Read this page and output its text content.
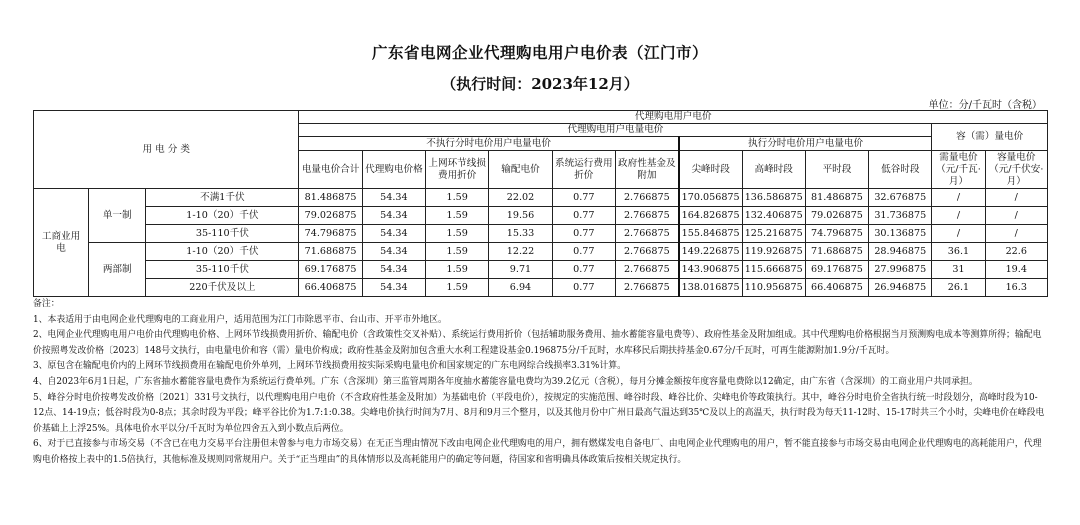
广东省电网企业代理购电用户电价表（江门市）
（执行时间：2023年12月）
单位：分/千瓦时（含税）
用 电 分 类			代理购电用户电价											
			代理购电用户电量电价										容（需）量电价	
			不执行分时电价用户电量电价						执行分时电价用户电量电价					
			电量电价合计	代理购电价格	上网环节线损费用折价	输配电价	系统运行费用折价	政府性基金及附加	尖峰时段	高峰时段	平时段	低谷时段	需量电价（元/千瓦·月）	容量电价（元/千伏安·月）
工商业用电	单一制	不满1千伏	81.486875	54.34	1.59	22.02	0.77	2.766875	170.056875	136.586875	81.486875	32.676875	/	/
		1-10（20）千伏	79.026875	54.34	1.59	19.56	0.77	2.766875	164.826875	132.406875	79.026875	31.736875	/	/
		35-110千伏	74.796875	54.34	1.59	15.33	0.77	2.766875	155.846875	125.216875	74.796875	30.136875	/	/
	两部制	1-10（20）千伏	71.686875	54.34	1.59	12.22	0.77	2.766875	149.226875	119.926875	71.686875	28.946875	36.1	22.6
		35-110千伏	69.176875	54.34	1.59	9.71	0.77	2.766875	143.906875	115.666875	69.176875	27.996875	31	19.4
		220千伏及以上	66.406875	54.34	1.59	6.94	0.77	2.766875	138.016875	110.956875	66.406875	26.946875	26.1	16.3

备注：

1、本表适用于由电网企业代理购电的工商业用户，适用范围为江门市除恩平市、台山市、开平市外地区。

2、电网企业代理购电用户电价由代理购电价格、上网环节线损费用折价、输配电价（含政策性交叉补贴）、系统运行费用折价（包括辅助服务费用、抽水蓄能容量电费等）、政府性基金及附加组成。其中代理购电价格根据当月预测购电成本等测算所得；输配电价按照粤发改价格〔2023〕148号文执行，由电量电价和容（需）量电价构成；政府性基金及附加包含重大水利工程建设基金0.196875分/千瓦时，水库移民后期扶持基金0.67分/千瓦时，可再生能源附加1.9分/千瓦时。

3、原包含在输配电价内的上网环节线损费用在输配电价外单列，上网环节线损费用按实际采购电量电价和国家规定的广东电网综合线损率3.31%计算。

4、自2023年6月1日起，广东省抽水蓄能容量电费作为系统运行费单列。广东（含深圳）第三监管周期各年度抽水蓄能容量电费均为39.2亿元（含税），每月分摊金额按年度容量电费除以12确定，由广东省（含深圳）的工商业用户共同承担。

5、峰谷分时电价按粤发改价格〔2021〕331号文执行，以代理购电用户电价（不含政府性基金及附加）为基础电价（平段电价），按规定的实施范围、峰谷时段、峰谷比价、尖峰电价等政策执行。其中，峰谷分时电价全省执行统一时段划分，高峰时段为10-12点、14-19点；低谷时段为0-8点；其余时段为平段；峰平谷比价为1.7:1:0.38。尖峰电价执行时间为7月、8月和9月三个整月，以及其他月份中广州日最高气温达到35℃及以上的高温天，执行时段为每天11-12时、15-17时共三个小时，尖峰电价在峰段电价基础上上浮25%。具体电价水平以分/千瓦时为单位四舍五入到小数点后两位。

6、对于已直接参与市场交易（不含已在电力交易平台注册但未曾参与电力市场交易）在无正当理由情况下改由电网企业代理购电的用户，拥有燃煤发电自备电厂、由电网企业代理购电的用户，暂不能直接参与市场交易由电网企业代理购电的高耗能用户，代理购电价格按上表中的1.5倍执行，其他标准及规则同常规用户。关于“正当理由”的具体情形以及高耗能用户的确定等问题，待国家和省明确具体政策后按相关规定执行。
